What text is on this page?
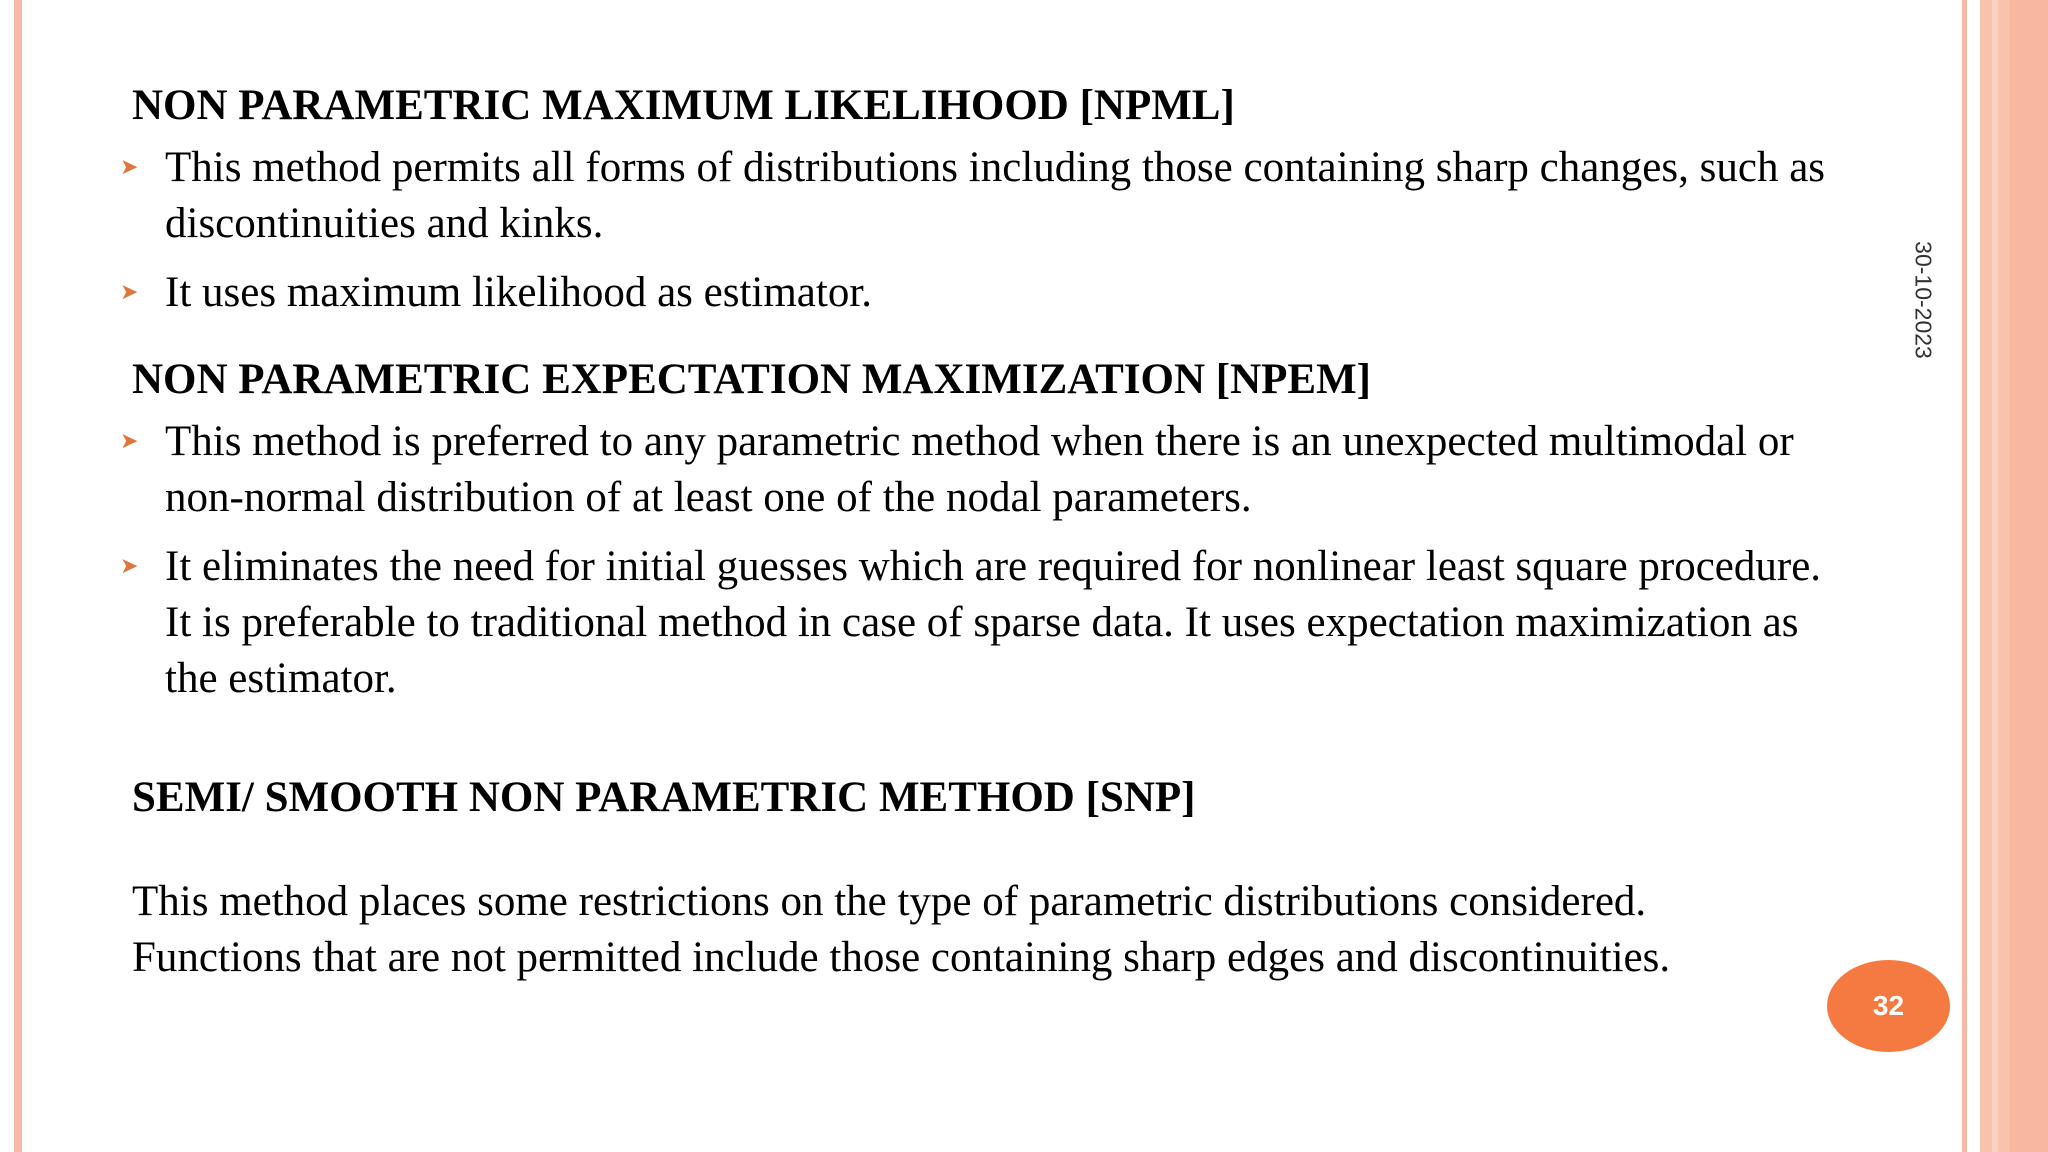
NON PARAMETRIC MAXIMUM LIKELIHOOD [NPML]
➤ This method permits all forms of distributions including those containing sharp changes, such as discontinuities and kinks.
➤ It uses maximum likelihood as estimator.
NON PARAMETRIC EXPECTATION MAXIMIZATION [NPEM]
➤ This method is preferred to any parametric method when there is an unexpected multimodal or non-normal distribution of at least one of the nodal parameters.
➤ It eliminates the need for initial guesses which are required for nonlinear least square procedure. It is preferable to traditional method in case of sparse data. It uses expectation maximization as the estimator.
SEMI/ SMOOTH NON PARAMETRIC METHOD [SNP]

This method places some restrictions on the type of parametric distributions considered.
Functions that are not permitted include those containing sharp edges and discontinuities.

30-10-2023
32
